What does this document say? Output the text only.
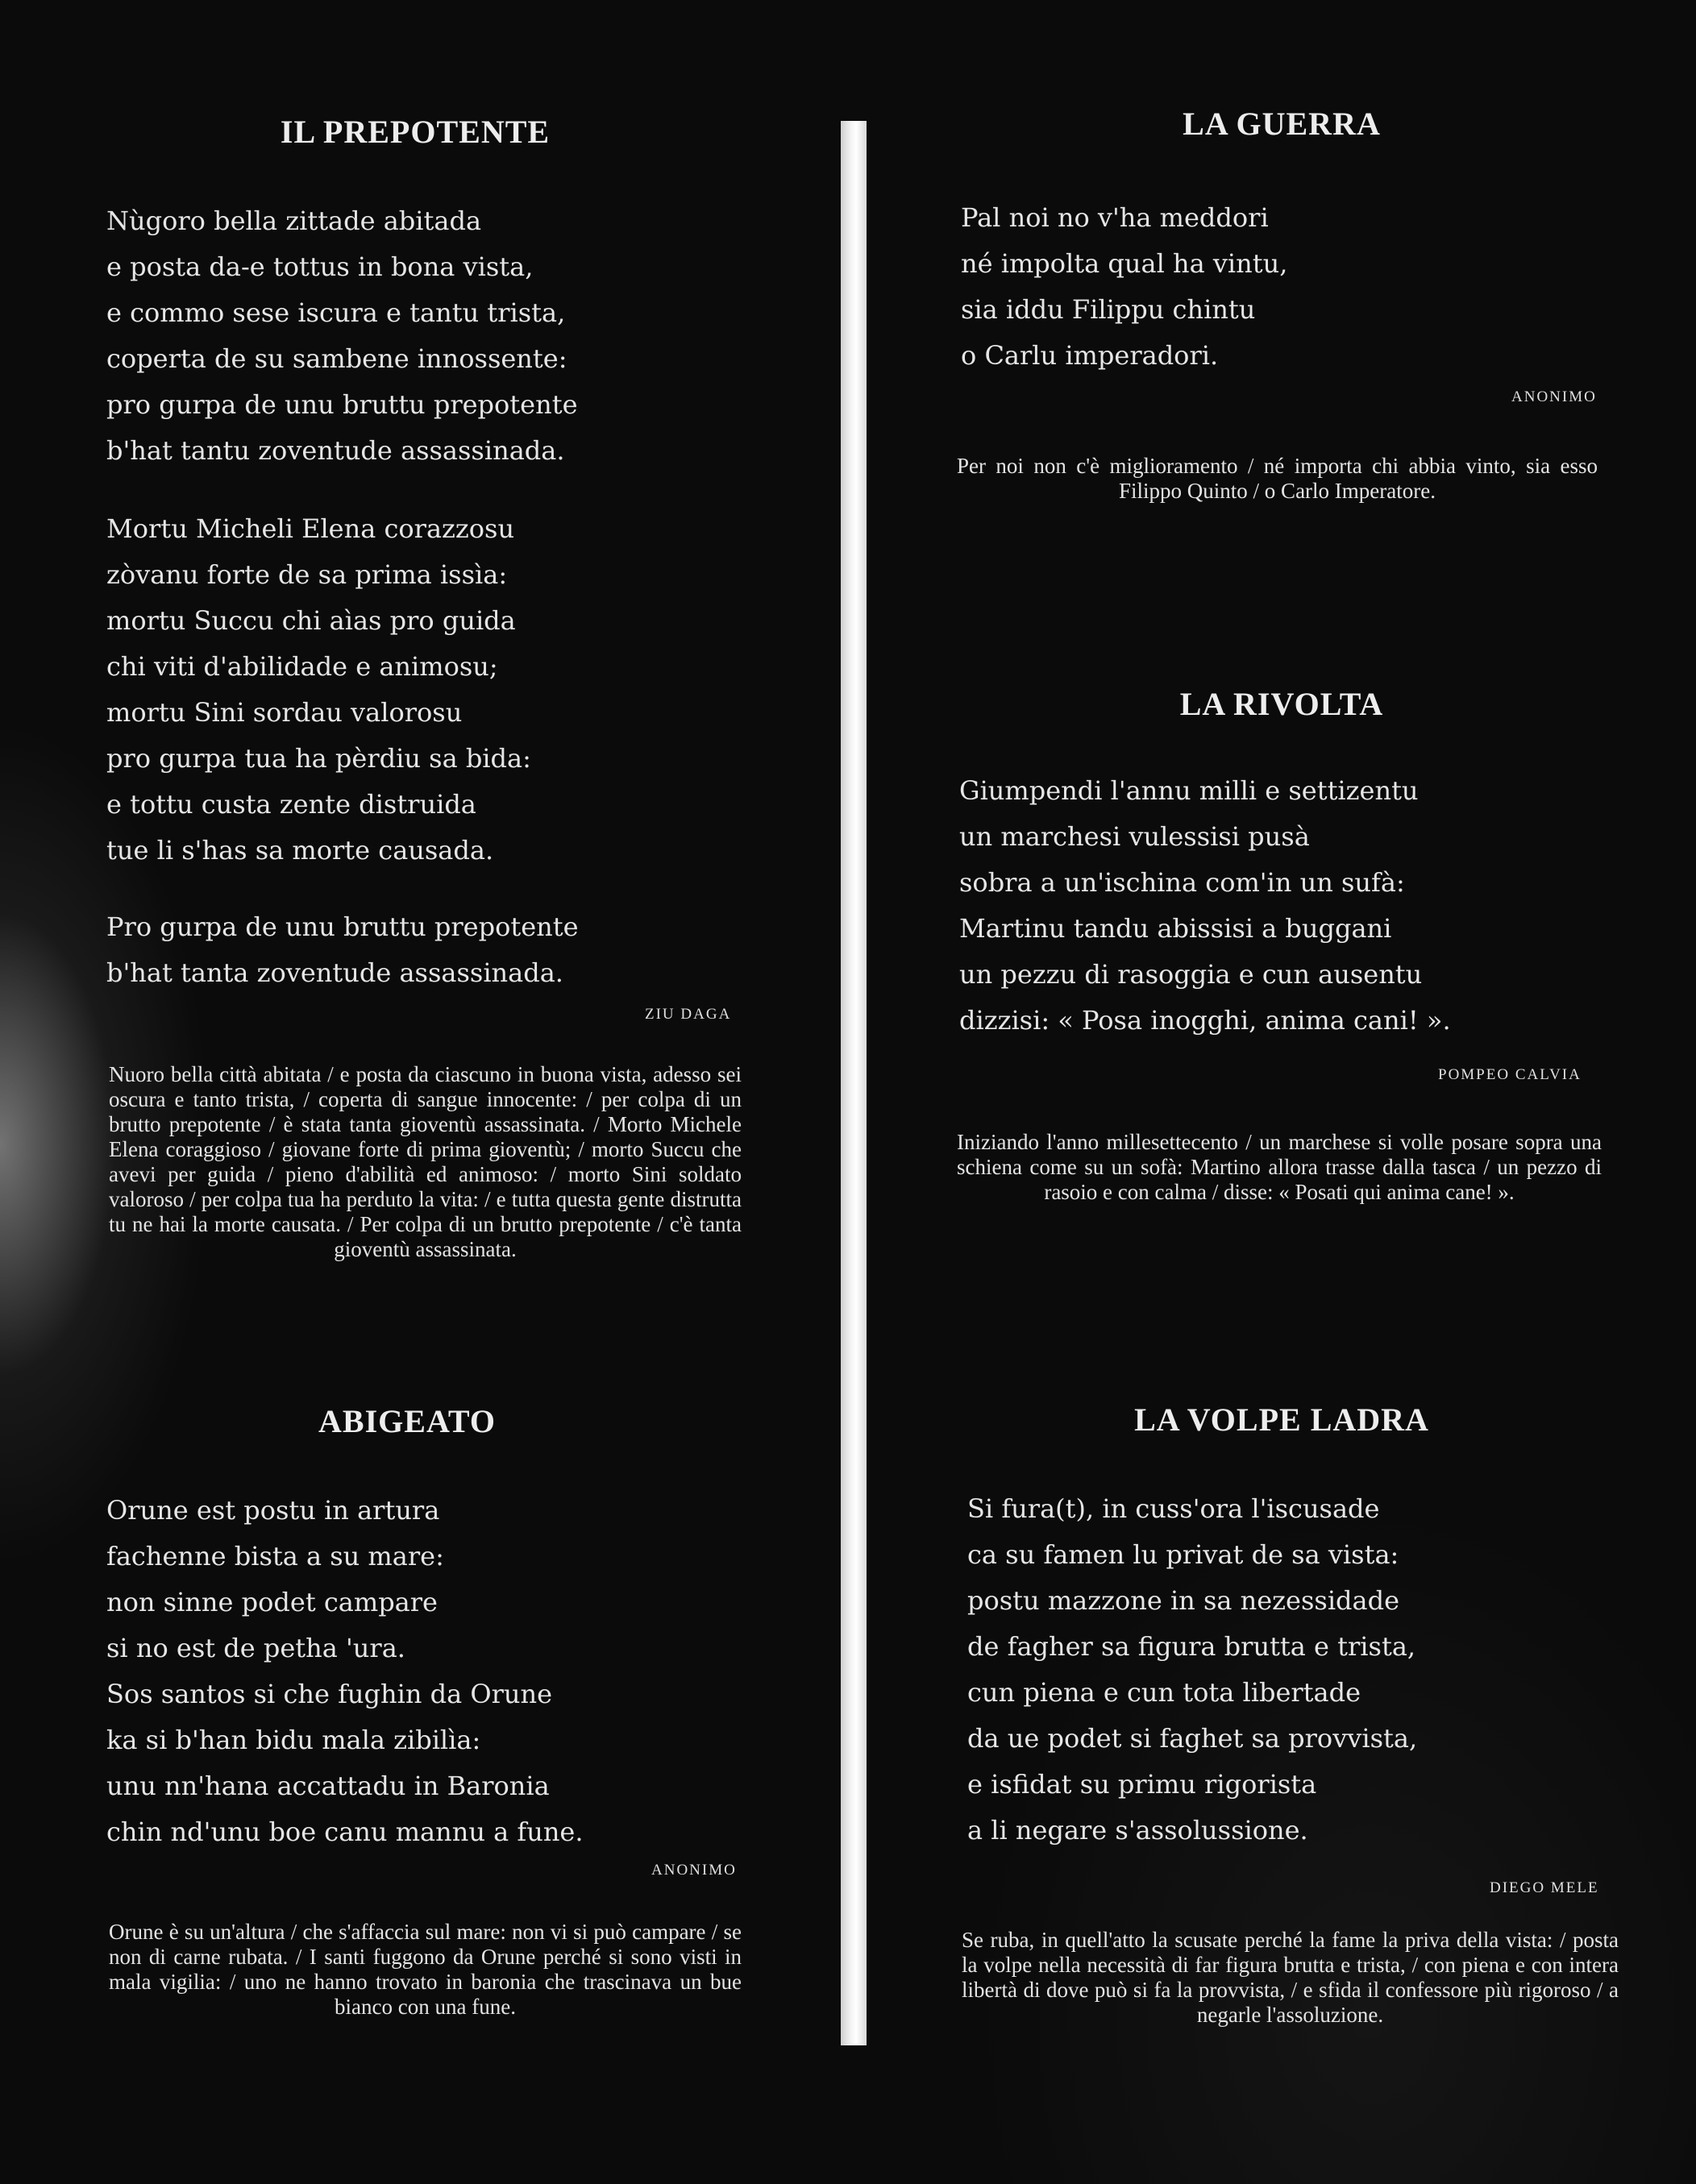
IL PREPOTENTE
Nùgoro bella zittade abitada
e posta da-e tottus in bona vista,
e commo sese iscura e tantu trista,
coperta de su sambene innossente:
pro gurpa de unu bruttu prepotente
b'hat tantu zoventude assassinada.
Mortu Micheli Elena corazzosu
zòvanu forte de sa prima issìa:
mortu Succu chi aìas pro guida
chi viti d'abilidade e animosu;
mortu Sini sordau valorosu
pro gurpa tua ha pèrdiu sa bida:
e tottu custa zente distruida
tue li s'has sa morte causada.
Pro gurpa de unu bruttu prepotente
b'hat tanta zoventude assassinada.
ZIU DAGA

Nuoro bella città abitata / e posta da ciascuno in buona vista, adesso sei oscura e tanto trista, / coperta di sangue innocente: / per colpa di un brutto prepotente / è stata tanta gioventù assassinata. / Morto Michele Elena coraggioso / giovane forte di prima gioventù; / morto Succu che avevi per guida / pieno d'abilità ed animoso: / morto Sini soldato valoroso / per colpa tua ha perduto la vita: / e tutta questa gente distrutta tu ne hai la morte causata. / Per colpa di un brutto prepotente / c'è tanta gioventù assassinata.

LA GUERRA
Pal noi no v'ha meddori
né impolta qual ha vintu,
sia iddu Filippu chintu
o Carlu imperadori.
ANONIMO

Per noi non c'è miglioramento / né importa chi abbia vinto, sia esso Filippo Quinto / o Carlo Imperatore.

LA RIVOLTA
Giumpendi l'annu milli e settizentu
un marchesi vulessisi pusà
sobra a un'ischina com'in un sufà:
Martinu tandu abissisi a buggani
un pezzu di rasoggia e cun ausentu
dizzisi: « Posa inogghi, anima cani! ».
POMPEO CALVIA

Iniziando l'anno millesettecento / un marchese si volle posare sopra una schiena come su un sofà: Martino allora trasse dalla tasca / un pezzo di rasoio e con calma / disse: « Posati qui anima cane! ».

ABIGEATO
Orune est postu in artura
fachenne bista a su mare:
non sinne podet campare
si no est de petha 'ura.
Sos santos si che fughin da Orune
ka si b'han bidu mala zibilìa:
unu nn'hana accattadu in Baronia
chin nd'unu boe canu mannu a fune.
ANONIMO

Orune è su un'altura / che s'affaccia sul mare: non vi si può campare / se non di carne rubata. / I santi fuggono da Orune perché si sono visti in mala vigilia: / uno ne hanno trovato in baronia che trascinava un bue bianco con una fune.

LA VOLPE LADRA
Si fura(t), in cuss'ora l'iscusade
ca su famen lu privat de sa vista:
postu mazzone in sa nezessidade
de fagher sa figura brutta e trista,
cun piena e cun tota libertade
da ue podet si faghet sa provvista,
e isfidat su primu rigorista
a li negare s'assolussione.
DIEGO MELE

Se ruba, in quell'atto la scusate perché la fame la priva della vista: / posta la volpe nella necessità di far figura brutta e trista, / con piena e con intera libertà di dove può si fa la provvista, / e sfida il confessore più rigoroso / a negarle l'assoluzione.
